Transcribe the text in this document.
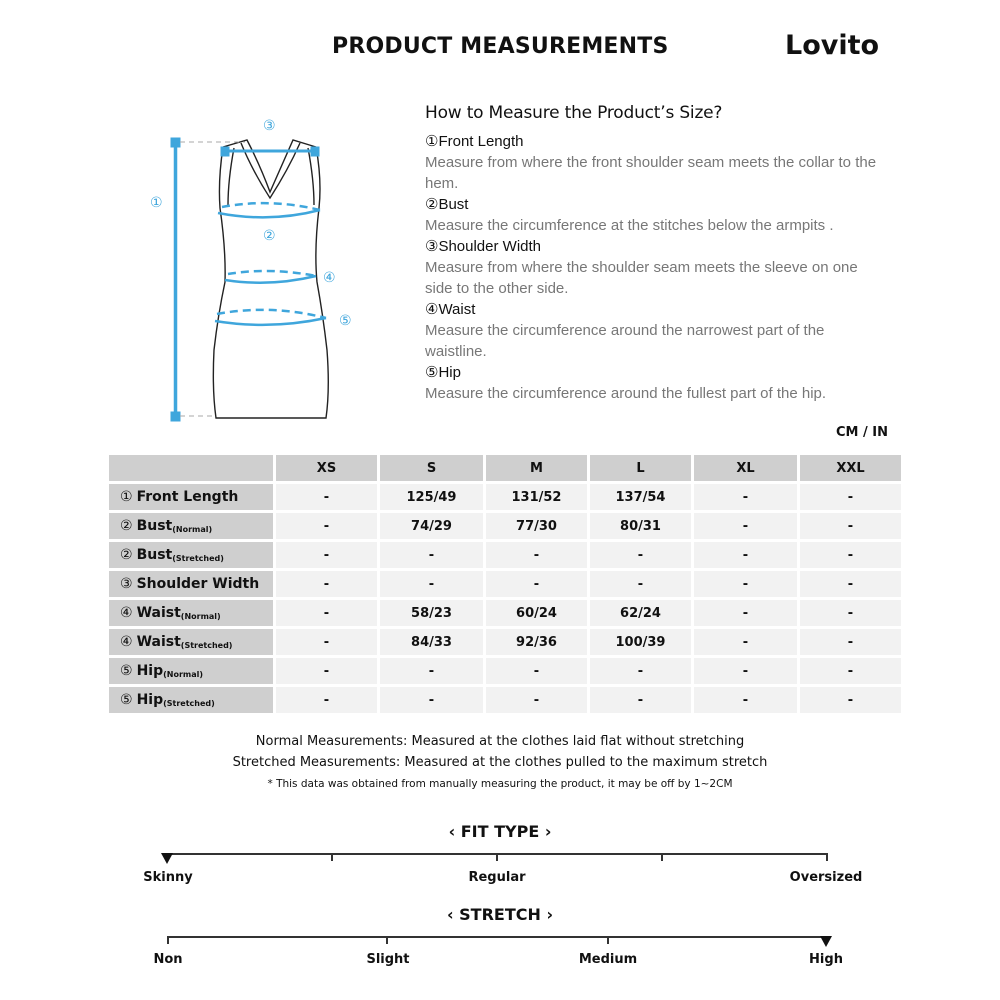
PRODUCT MEASUREMENTS	Lovito
①
②
③
④
⑤
How to Measure the Product’s Size?
①Front Length
Measure from where the front shoulder seam meets the collar to the hem.
②Bust
Measure the circumference at the stitches below the armpits .
③Shoulder Width
Measure from where the shoulder seam meets the sleeve on one side to the other side.
④Waist
Measure the circumference around the narrowest part of the waistline.
⑤Hip
Measure the circumference around the fullest part of the hip.
CM / IN
XS	S	M	L	XL	XXL
① Front Length	-	125/49	131/52	137/54	-	-
② Bust (Normal)	-	74/29	77/30	80/31	-	-
② Bust (Stretched)	-	-	-	-	-	-
③ Shoulder Width	-	-	-	-	-	-
④ Waist (Normal)	-	58/23	60/24	62/24	-	-
④ Waist (Stretched)	-	84/33	92/36	100/39	-	-
⑤ Hip (Normal)	-	-	-	-	-	-
⑤ Hip (Stretched)	-	-	-	-	-	-
Normal Measurements: Measured at the clothes laid flat without stretching
Stretched Measurements: Measured at the clothes pulled to the maximum stretch
* This data was obtained from manually measuring the product, it may be off by 1~2CM
‹ FIT TYPE ›
Skinny	Regular	Oversized
‹ STRETCH ›
Non	Slight	Medium	High
